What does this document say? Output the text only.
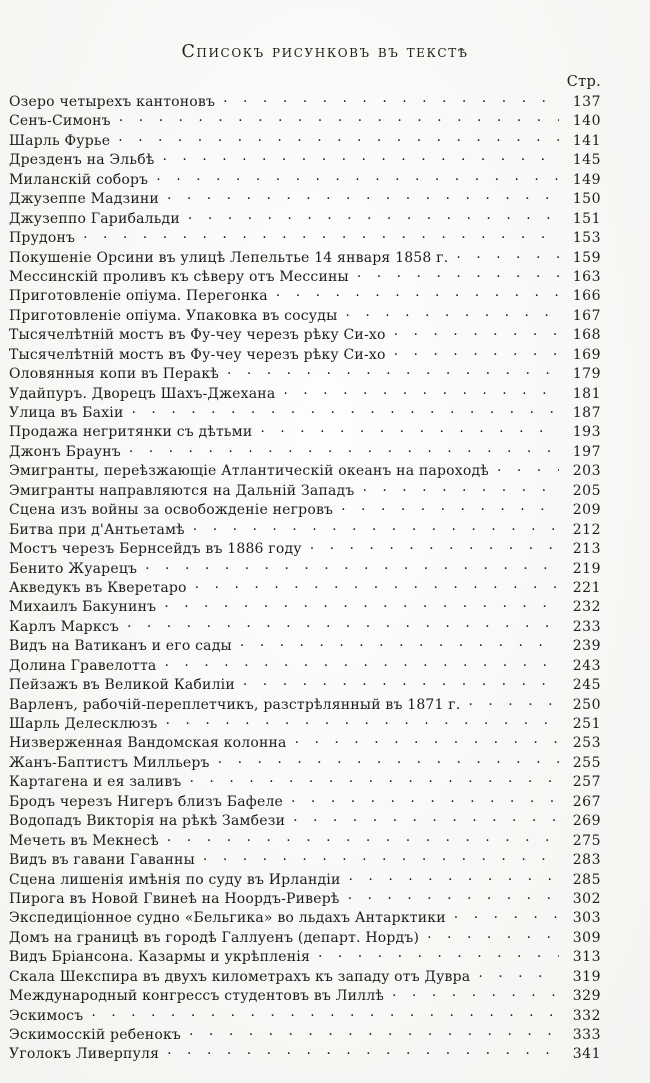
Списокъ рисунковъ въ текстѣ
Стр.
Озеро четырехъ кантоновъ . . .	137
Сенъ-Симонъ . . .	140
Шарль Фурье . . .	141
Дрезденъ на Эльбѣ . . .	145
Миланскій соборъ . . .	149
Джузеппе Мадзини . . .	150
Джузеппо Гарибальди . . .	151
Прудонъ . . .	153
Покушеніе Орсини въ улицѣ Лепельтье 14 января 1858 г. . . .	159
Мессинскій проливъ къ сѣверу отъ Мессины . . .	163
Приготовленіе опіума. Перегонка . . .	166
Приготовленіе опіума. Упаковка въ сосуды . . .	167
Тысячелѣтній мостъ въ Фу-чеу черезъ рѣку Си-хо . . .	168
Тысячелѣтній мостъ въ Фу-чеу черезъ рѣку Си-хо . . .	169
Оловянныя копи въ Перакѣ . . .	179
Удайпуръ. Дворецъ Шахъ-Джехана . . .	181
Улица въ Бахіи . . .	187
Продажа негритянки съ дѣтьми . . .	193
Джонъ Браунъ . . .	197
Эмигранты, переѣзжающіе Атлантическій океанъ на пароходѣ . . .	203
Эмигранты направляются на Дальній Западъ . . .	205
Сцена изъ войны за освобожденіе негровъ . . .	209
Битва при д'Антьетамѣ . . .	212
Мостъ черезъ Бернсейдъ въ 1886 году . . .	213
Бенито Жуарецъ . . .	219
Акведукъ въ Кверетаро . . .	221
Михаилъ Бакунинъ . . .	232
Карлъ Марксъ . . .	233
Видъ на Ватиканъ и его сады . . .	239
Долина Гравелотта . . .	243
Пейзажъ въ Великой Кабиліи . . .	245
Варленъ, рабочій-переплетчикъ, разстрѣлянный въ 1871 г. . . .	250
Шарль Делесклюзъ . . .	251
Низверженная Вандомская колонна . . .	253
Жанъ-Баптистъ Милльеръ . . .	255
Картагена и ея заливъ . . .	257
Бродъ черезъ Нигеръ близъ Бафеле . . .	267
Водопадъ Викторія на рѣкѣ Замбези . . .	269
Мечеть въ Мекнесѣ . . .	275
Видъ въ гавани Гаванны . . .	283
Сцена лишенія имѣнія по суду въ Ирландіи . . .	285
Пирога въ Новой Гвинеѣ на Ноордъ-Риверѣ . . .	302
Экспедиціонное судно «Бельгика» во льдахъ Антарктики . . .	303
Домъ на границѣ въ городѣ Галлуенъ (департ. Нордъ) . . .	309
Видъ Бріансона. Казармы и укрѣпленія . . .	313
Скала Шекспира въ двухъ километрахъ къ западу отъ Дувра . . .	319
Международный конгрессъ студентовъ въ Лиллѣ . . .	329
Эскимосъ . . .	332
Эскимосскій ребенокъ . . .	333
Уголокъ Ливерпуля . . .	341
